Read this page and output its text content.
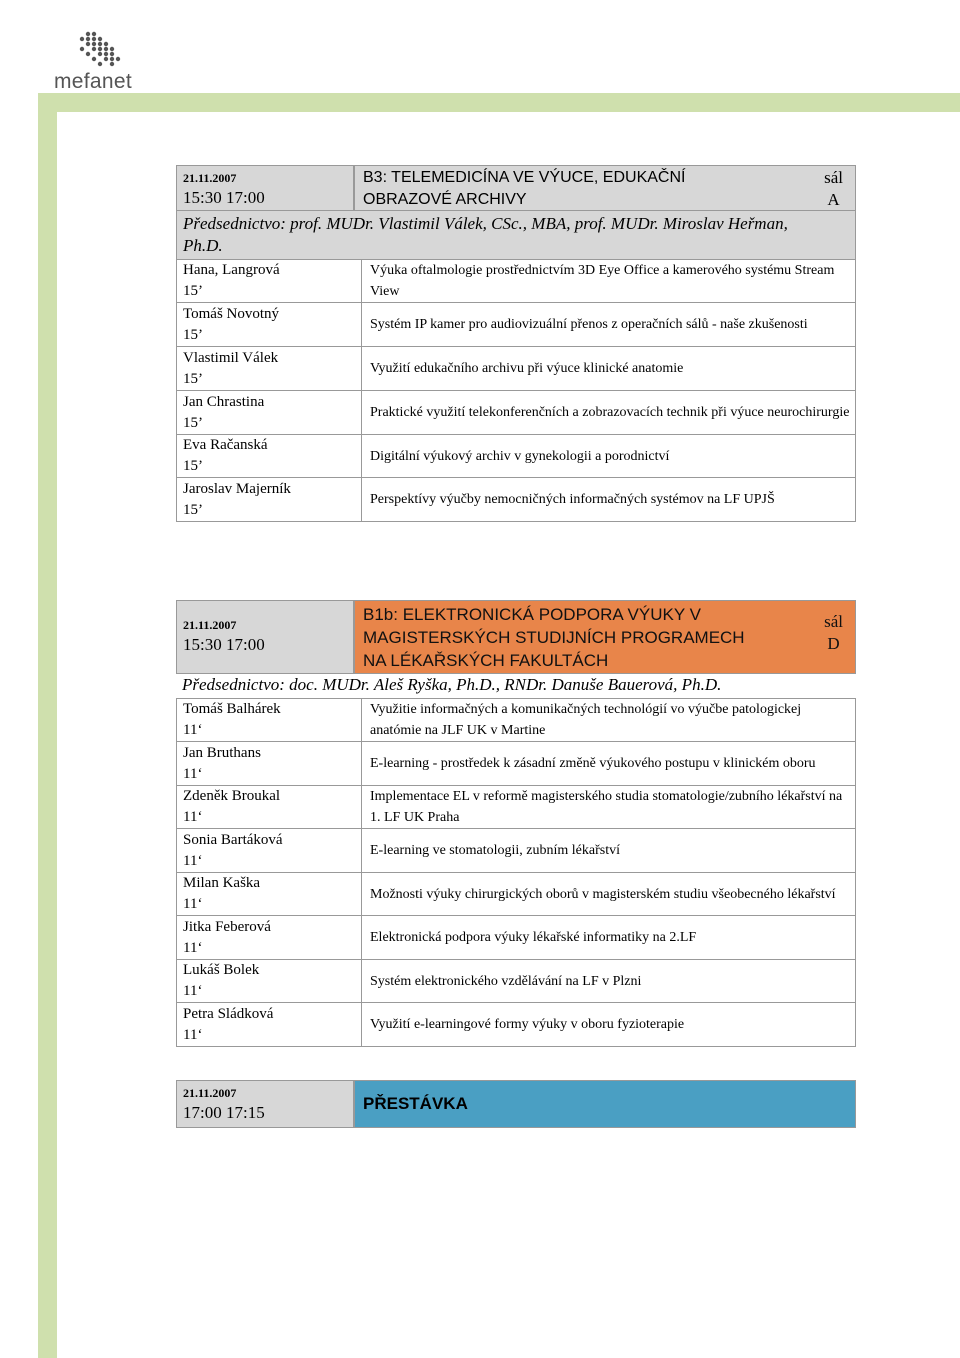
mefanet
21.11.2007
15:30 17:00
B3: TELEMEDICÍNA VE VÝUCE, EDUKAČNÍ
OBRAZOVÉ ARCHIVY
sál
A
Předsednictvo: prof. MUDr. Vlastimil Válek, CSc., MBA, prof. MUDr. Miroslav Heřman,
Ph.D.
Hana, Langrová
15’	Výuka oftalmologie prostřednictvím 3D Eye Office a kamerového systému Stream View
Tomáš Novotný
15’	Systém IP kamer pro audiovizuální přenos z operačních sálů - naše zkušenosti
Vlastimil Válek
15’	Využití edukačního archivu při výuce klinické anatomie
Jan Chrastina
15’	Praktické využití telekonferenčních a zobrazovacích technik při výuce neurochirurgie
Eva Račanská
15’	Digitální výukový archiv v gynekologii a porodnictví
Jaroslav Majerník
15’	Perspektívy výučby nemocničných informačných systémov na LF UPJŠ
21.11.2007
15:30 17:00
B1b: ELEKTRONICKÁ PODPORA VÝUKY V
MAGISTERSKÝCH STUDIJNÍCH PROGRAMECH
NA LÉKAŘSKÝCH FAKULTÁCH
sál
D
Předsednictvo: doc. MUDr. Aleš Ryška, Ph.D., RNDr. Danuše Bauerová, Ph.D.
Tomáš Balhárek
11‘	Využitie informačných a komunikačných technológií vo výučbe patologickej anatómie na JLF UK v Martine
Jan Bruthans
11‘	E-learning - prostředek k zásadní změně výukového postupu v klinickém oboru
Zdeněk Broukal
11‘	Implementace EL v reformě magisterského studia stomatologie/zubního lékařství na 1. LF UK Praha
Sonia Bartáková
11‘	E-learning ve stomatologii, zubním lékařství
Milan Kaška
11‘	Možnosti výuky chirurgických oborů v magisterském studiu všeobecného lékařství
Jitka Feberová
11‘	Elektronická podpora výuky lékařské informatiky na 2.LF
Lukáš Bolek
11‘	Systém elektronického vzdělávání na LF v Plzni
Petra Sládková
11‘	Využití e-learningové formy výuky v oboru fyzioterapie
21.11.2007
17:00 17:15	PŘESTÁVKA
